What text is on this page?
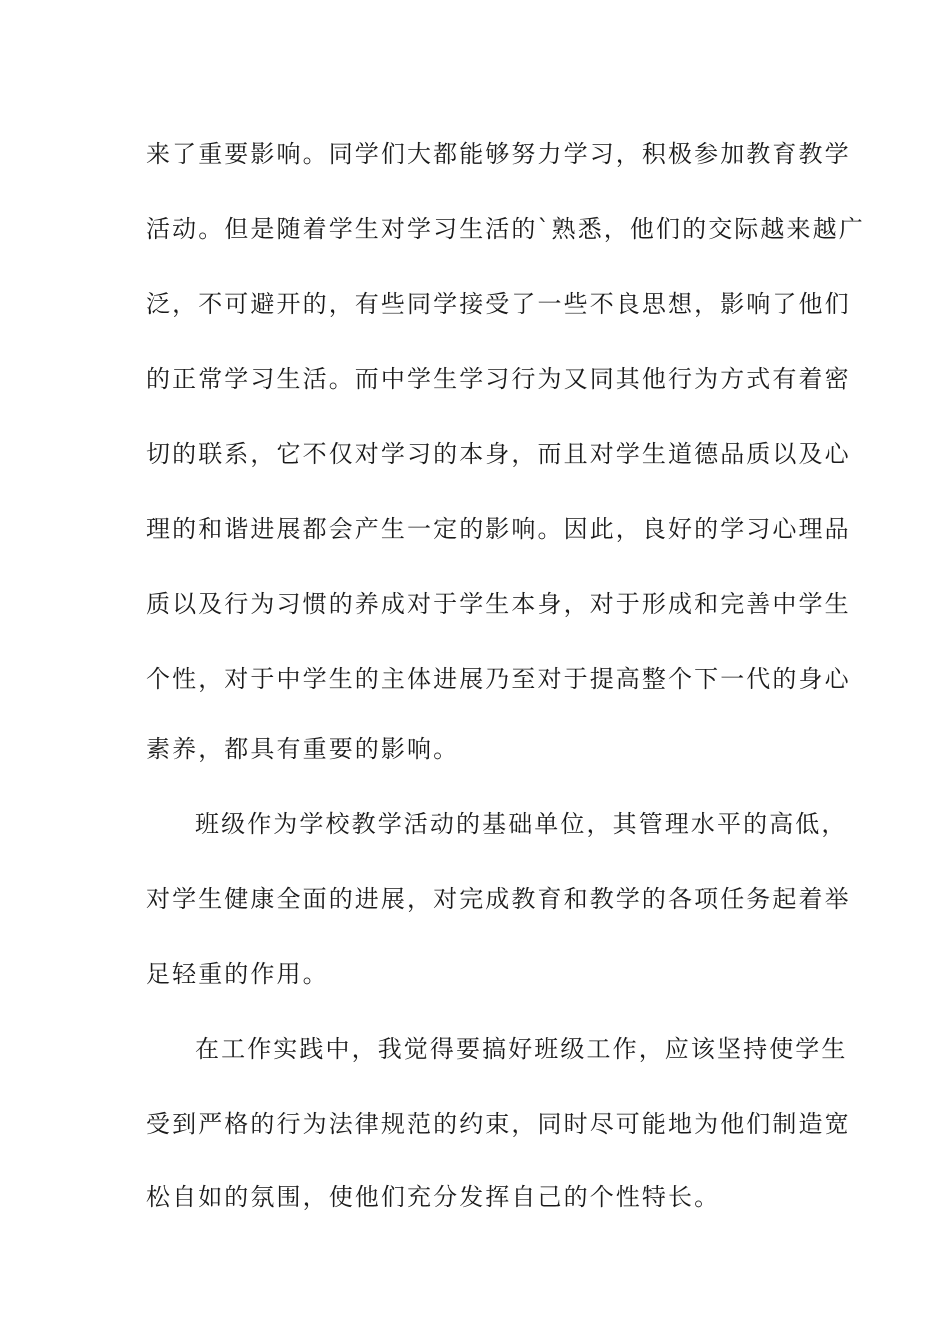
来了重要影响。同学们大都能够努力学习，积极参加教育教学
活动。但是随着学生对学习生活的`熟悉，他们的交际越来越广
泛，不可避开的，有些同学接受了一些不良思想，影响了他们
的正常学习生活。而中学生学习行为又同其他行为方式有着密
切的联系，它不仅对学习的本身，而且对学生道德品质以及心
理的和谐进展都会产生一定的影响。因此，良好的学习心理品
质以及行为习惯的养成对于学生本身，对于形成和完善中学生
个性，对于中学生的主体进展乃至对于提高整个下一代的身心
素养，都具有重要的影响。
班级作为学校教学活动的基础单位，其管理水平的高低，
对学生健康全面的进展，对完成教育和教学的各项任务起着举
足轻重的作用。
在工作实践中，我觉得要搞好班级工作，应该坚持使学生
受到严格的行为法律规范的约束，同时尽可能地为他们制造宽
松自如的氛围，使他们充分发挥自己的个性特长。
